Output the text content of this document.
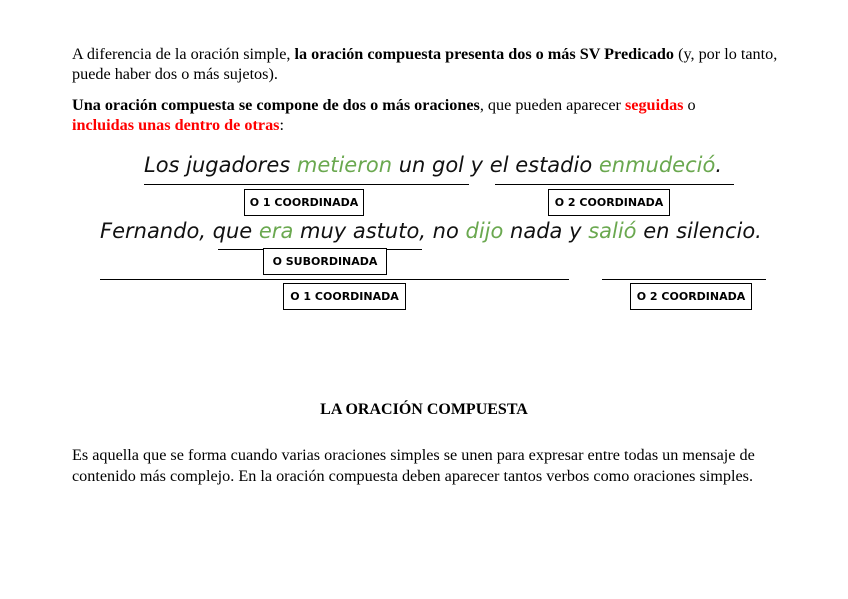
A diferencia de la oración simple, la oración compuesta presenta dos o más SV Predicado (y, por lo tanto, puede haber dos o más sujetos).
Una oración compuesta se compone de dos o más oraciones, que pueden aparecer seguidas o
incluidas unas dentro de otras:
Los jugadores metieron un gol y el estadio enmudeció.
O 1 COORDINADA	O 2 COORDINADA
Fernando, que era muy astuto, no dijo nada y salió en silencio.
O SUBORDINADA
O 1 COORDINADA	O 2 COORDINADA
LA ORACIÓN COMPUESTA
Es aquella que se forma cuando varias oraciones simples se unen para expresar entre todas un mensaje de contenido más complejo. En la oración compuesta deben aparecer tantos verbos como oraciones simples.
